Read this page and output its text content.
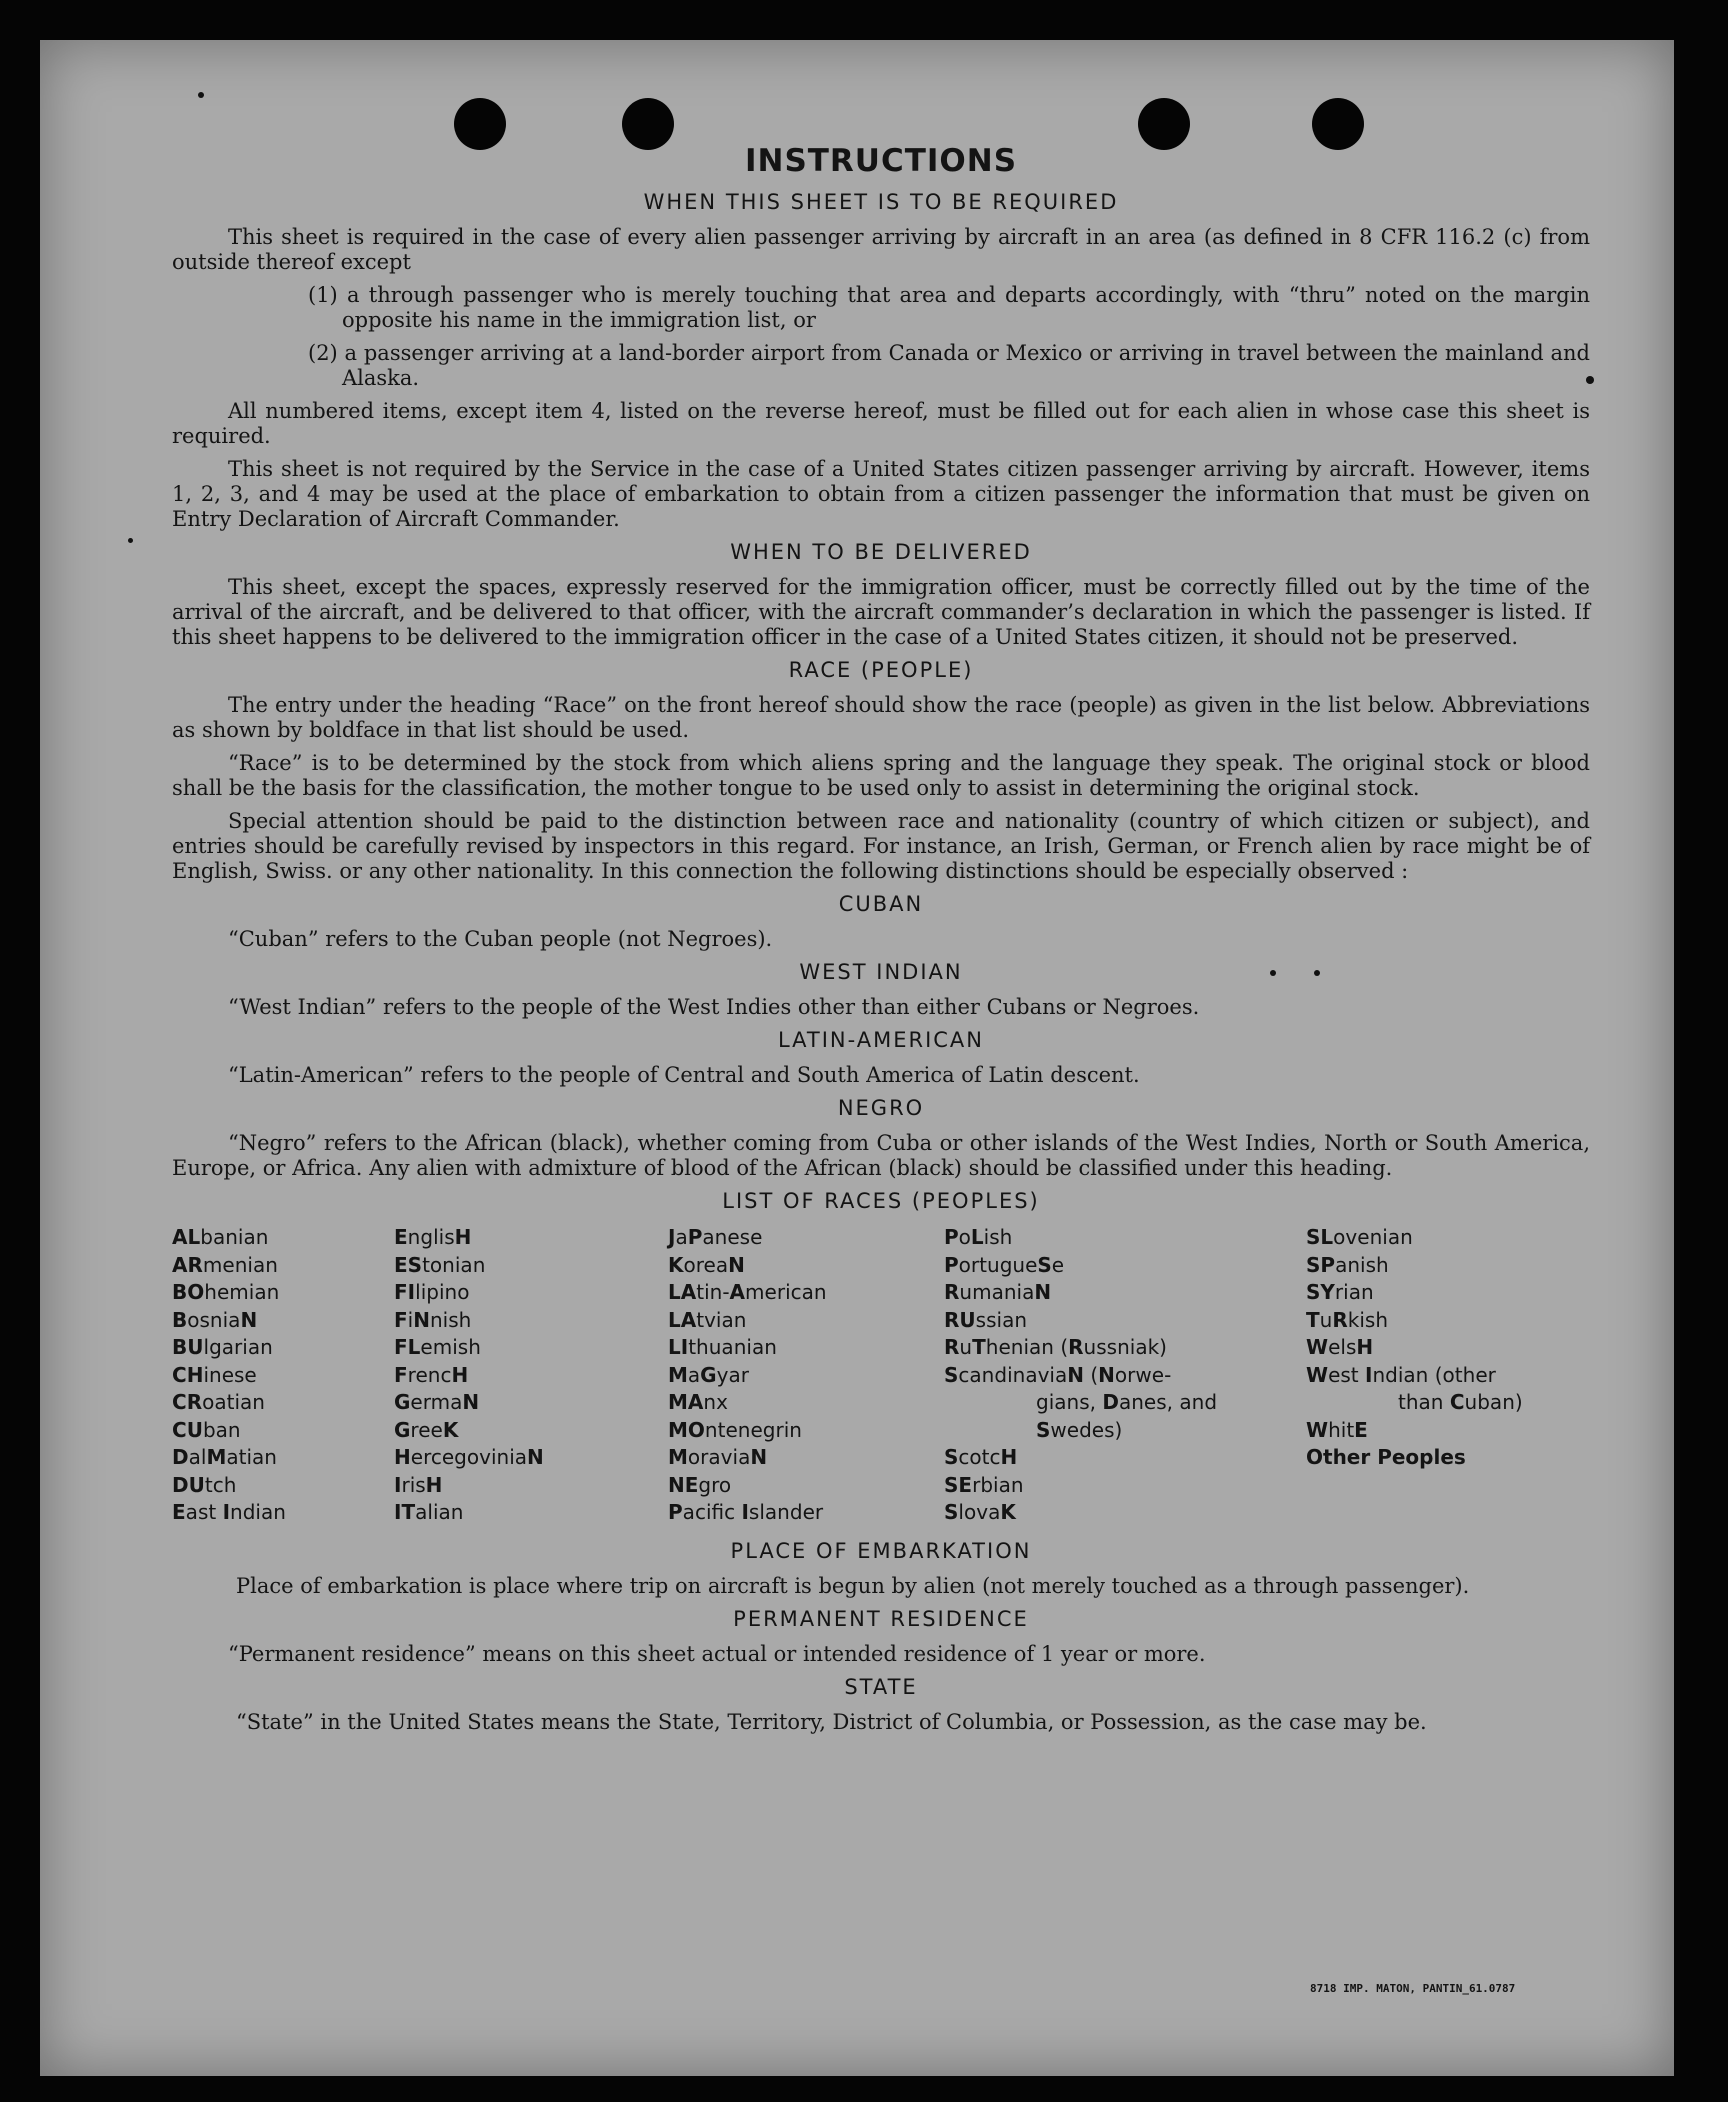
INSTRUCTIONS
WHEN THIS SHEET IS TO BE REQUIRED

This sheet is required in the case of every alien passenger arriving by aircraft in an area (as defined in 8 CFR 116.2 (c) from outside thereof except

(1) a through passenger who is merely touching that area and departs accordingly, with “thru” noted on the margin opposite his name in the immigration list, or
(2) a passenger arriving at a land-border airport from Canada or Mexico or arriving in travel between the mainland and Alaska.

All numbered items, except item 4, listed on the reverse hereof, must be filled out for each alien in whose case this sheet is required.

This sheet is not required by the Service in the case of a United States citizen passenger arriving by aircraft. However, items 1, 2, 3, and 4 may be used at the place of embarkation to obtain from a citizen passenger the information that must be given on Entry Declaration of Aircraft Commander.

WHEN TO BE DELIVERED

This sheet, except the spaces, expressly reserved for the immigration officer, must be correctly filled out by the time of the arrival of the aircraft, and be delivered to that officer, with the aircraft commander’s declaration in which the passenger is listed. If this sheet happens to be delivered to the immigration officer in the case of a United States citizen, it should not be preserved.

RACE (PEOPLE)

The entry under the heading “Race” on the front hereof should show the race (people) as given in the list below. Abbreviations as shown by boldface in that list should be used.

“Race” is to be determined by the stock from which aliens spring and the language they speak. The original stock or blood shall be the basis for the classification, the mother tongue to be used only to assist in determining the original stock.

Special attention should be paid to the distinction between race and nationality (country of which citizen or subject), and entries should be carefully revised by inspectors in this regard. For instance, an Irish, German, or French alien by race might be of English, Swiss. or any other nationality. In this connection the following distinctions should be especially observed :

CUBAN

“Cuban” refers to the Cuban people (not Negroes).

WEST INDIAN

“West Indian” refers to the people of the West Indies other than either Cubans or Negroes.

LATIN-AMERICAN

“Latin-American” refers to the people of Central and South America of Latin descent.

NEGRO

“Negro” refers to the African (black), whether coming from Cuba or other islands of the West Indies, North or South America, Europe, or Africa. Any alien with admixture of blood of the African (black) should be classified under this heading.

LIST OF RACES (PEOPLES)
ALbanian
ARmenian
BOhemian
BosniaN
BUlgarian
CHinese
CRoatian
CUban
DalMatian
DUtch
East Indian
EnglisH
EStonian
FIlipino
FiNnish
FLemish
FrencH
GermaN
GreeK
HercegoviniaN
IrisH
ITalian
JaPanese
KoreaN
LAtin-American
LAtvian
LIthuanian
MaGyar
MAnx
MOntenegrin
MoraviaN
NEgro
Pacifc Islander
PoLish
PortugueSe
RumaniaN
RUssian
RuThenian (Russniak)
ScandinaviaN (Norwe-
gians, Danes, and
Swedes)
ScotcH
SErbian
SlovaK
SLovenian
SPanish
SYrian
TuRkish
WelsH
West Indian (other
than Cuban)
WhitE
Other Peoples
PLACE OF EMBARKATION

Place of embarkation is place where trip on aircraft is begun by alien (not merely touched as a through passenger).

PERMANENT RESIDENCE

“Permanent residence” means on this sheet actual or intended residence of 1 year or more.

STATE

“State” in the United States means the State, Territory, District of Columbia, or Possession, as the case may be.

8718 IMP. MATON, PANTIN_61.0787
